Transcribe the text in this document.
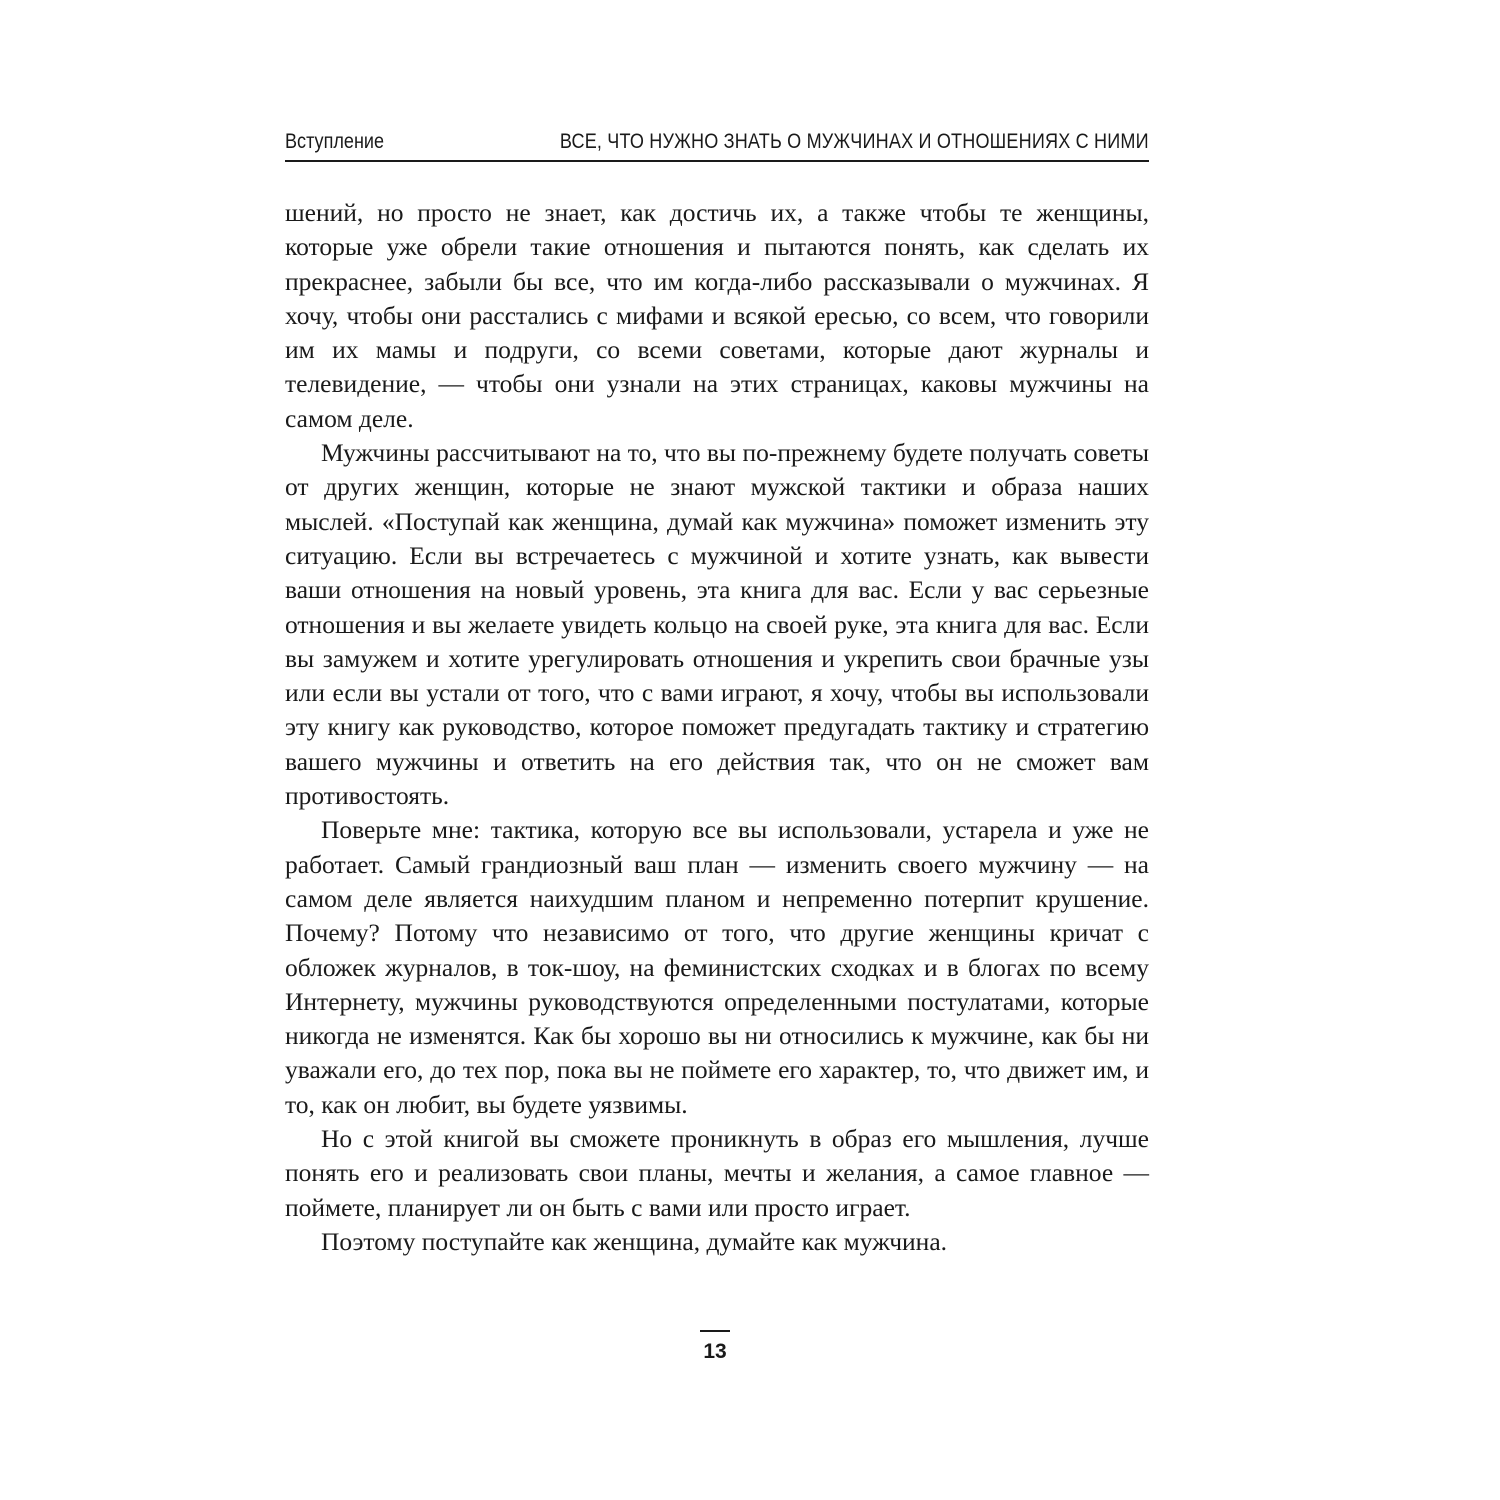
Вступление	ВСЕ, ЧТО НУЖНО ЗНАТЬ О МУЖЧИНАХ И ОТНОШЕНИЯХ С НИМИ

шений, но просто не знает, как достичь их, а также чтобы те женщины, которые уже обрели такие отношения и пытаются понять, как сделать их прекраснее, забыли бы все, что им когда-либо рассказывали о мужчинах. Я хочу, чтобы они расстались с мифами и всякой ересью, со всем, что говорили им их мамы и подруги, со всеми советами, которые дают журналы и телевидение, — чтобы они узнали на этих страницах, каковы мужчины на самом деле.

Мужчины рассчитывают на то, что вы по-прежнему будете получать советы от других женщин, которые не знают мужской тактики и образа наших мыслей. «Поступай как женщина, думай как мужчина» поможет изменить эту ситуацию. Если вы встречаетесь с мужчиной и хотите узнать, как вывести ваши отношения на новый уровень, эта книга для вас. Если у вас серьезные отношения и вы желаете увидеть кольцо на своей руке, эта книга для вас. Если вы замужем и хотите урегулировать отношения и укрепить свои брачные узы или если вы устали от того, что с вами играют, я хочу, чтобы вы использовали эту книгу как руководство, которое поможет предугадать тактику и стратегию вашего мужчины и ответить на его действия так, что он не сможет вам противостоять.

Поверьте мне: тактика, которую все вы использовали, устарела и уже не работает. Самый грандиозный ваш план — изменить своего мужчину — на самом деле является наихудшим планом и непременно потерпит крушение. Почему? Потому что независимо от того, что другие женщины кричат с обложек журналов, в ток-шоу, на феминистских сходках и в блогах по всему Интернету, мужчины руководствуются определенными постулатами, которые никогда не изменятся. Как бы хорошо вы ни относились к мужчине, как бы ни уважали его, до тех пор, пока вы не поймете его характер, то, что движет им, и то, как он любит, вы будете уязвимы.

Но с этой книгой вы сможете проникнуть в образ его мышления, лучше понять его и реализовать свои планы, мечты и желания, а самое главное — поймете, планирует ли он быть с вами или просто играет.

Поэтому поступайте как женщина, думайте как мужчина.

13
